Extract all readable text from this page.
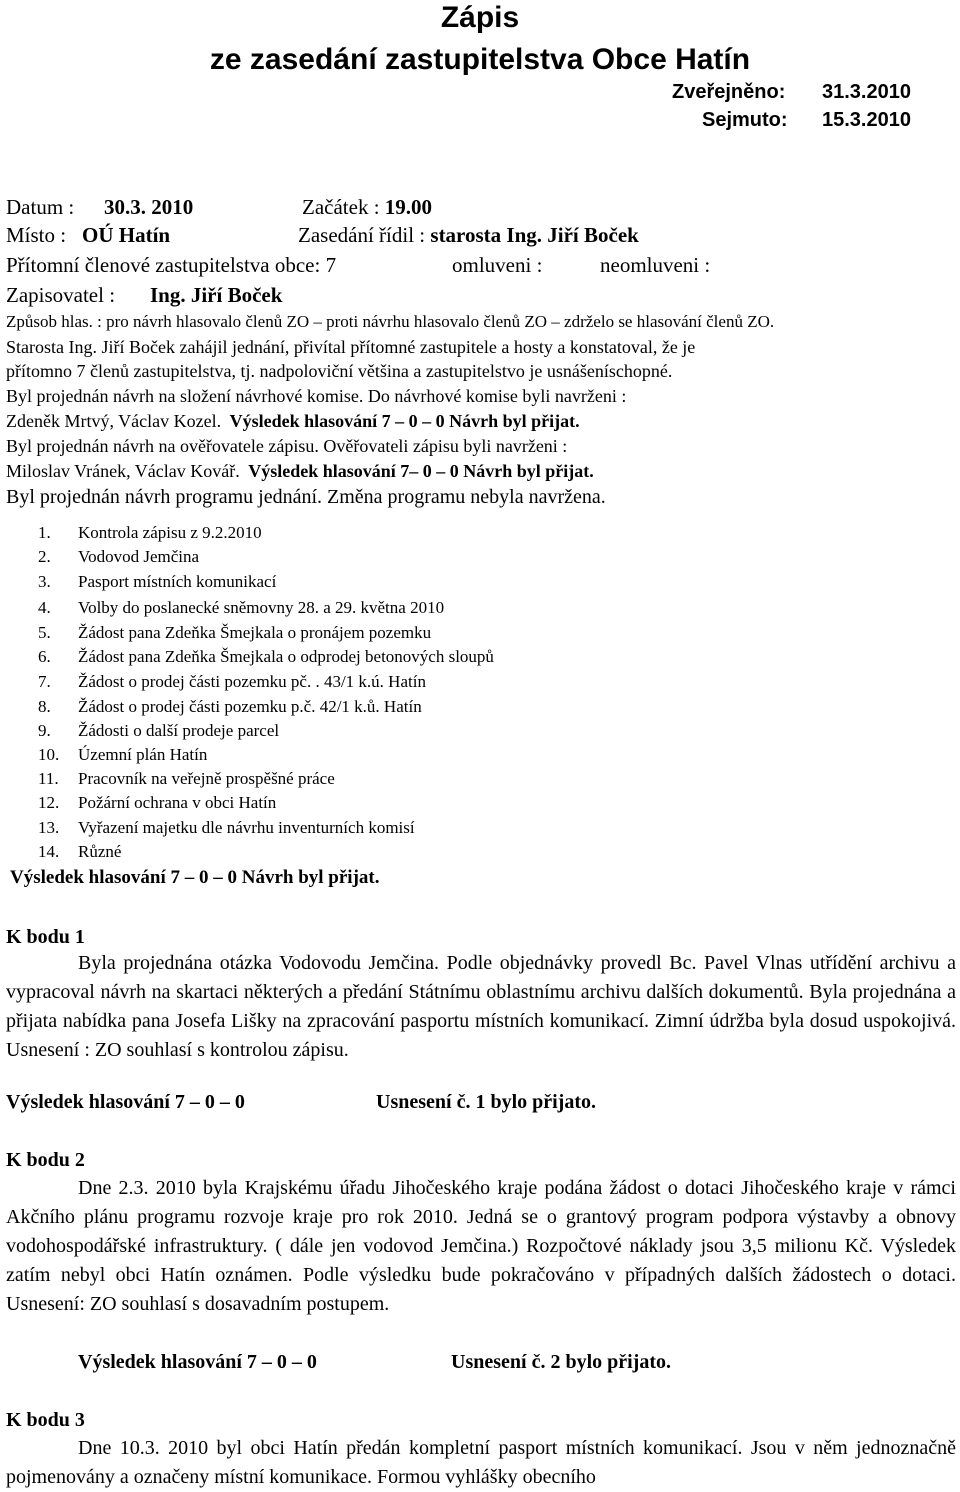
Zápis
ze zasedání zastupitelstva Obce Hatín
Zveřejněno: 31.3.2010
Sejmuto: 15.3.2010
Datum : 30.3. 2010	Začátek : 19.00
Místo : OÚ Hatín	Zasedání řídil : starosta Ing. Jiří Boček
Přítomní členové zastupitelstva obce: 7	omluveni :	neomluveni :
Zapisovatel : Ing. Jiří Boček
Způsob hlas. : pro návrh hlasovalo členů ZO – proti návrhu hlasovalo členů ZO – zdrželo se hlasování členů ZO.
Starosta Ing. Jiří Boček zahájil jednání, přivítal přítomné zastupitele a hosty a konstatoval, že je
přítomno 7 členů zastupitelstva, tj. nadpoloviční většina a zastupitelstvo je usnášeníschopné.
Byl projednán návrh na složení návrhové komise. Do návrhové komise byli navrženi :
Zdeněk Mrtvý, Václav Kozel. Výsledek hlasování 7 – 0 – 0 Návrh byl přijat.
Byl projednán návrh na ověřovatele zápisu. Ověřovateli zápisu byli navrženi :
Miloslav Vránek, Václav Kovář. Výsledek hlasování 7– 0 – 0 Návrh byl přijat.
Byl projednán návrh programu jednání. Změna programu nebyla navržena.
1. Kontrola zápisu z 9.2.2010
2. Vodovod Jemčina
3. Pasport místních komunikací
4. Volby do poslanecké sněmovny 28. a 29. května 2010
5. Žádost pana Zdeňka Šmejkala o pronájem pozemku
6. Žádost pana Zdeňka Šmejkala o odprodej betonových sloupů
7. Žádost o prodej části pozemku pč. . 43/1 k.ú. Hatín
8. Žádost o prodej části pozemku p.č. 42/1 k.ů. Hatín
9. Žádosti o další prodeje parcel
10. Územní plán Hatín
11. Pracovník na veřejně prospěšné práce
12. Požární ochrana v obci Hatín
13. Vyřazení majetku dle návrhu inventurních komisí
14. Různé
Výsledek hlasování 7 – 0 – 0 Návrh byl přijat.
K bodu 1
Byla projednána otázka Vodovodu Jemčina. Podle objednávky provedl Bc. Pavel Vlnas utřídění archivu a vypracoval návrh na skartaci některých a předání Státnímu oblastnímu archivu dalších dokumentů. Byla projednána a přijata nabídka pana Josefa Lišky na zpracování pasportu místních komunikací. Zimní údržba byla dosud uspokojivá. Usnesení : ZO souhlasí s kontrolou zápisu.
Výsledek hlasování 7 – 0 – 0	Usnesení č. 1 bylo přijato.
K bodu 2
Dne 2.3. 2010 byla Krajskému úřadu Jihočeského kraje podána žádost o dotaci Jihočeského kraje v rámci Akčního plánu programu rozvoje kraje pro rok 2010. Jedná se o grantový program podpora výstavby a obnovy vodohospodářské infrastruktury. ( dále jen vodovod Jemčina.) Rozpočtové náklady jsou 3,5 milionu Kč. Výsledek zatím nebyl obci Hatín oznámen. Podle výsledku bude pokračováno v případných dalších žádostech o dotaci. Usnesení: ZO souhlasí s dosavadním postupem.
Výsledek hlasování 7 – 0 – 0	Usnesení č. 2 bylo přijato.
K bodu 3
Dne 10.3. 2010 byl obci Hatín předán kompletní pasport místních komunikací. Jsou v něm jednoznačně pojmenovány a označeny místní komunikace. Formou vyhlášky obecního
